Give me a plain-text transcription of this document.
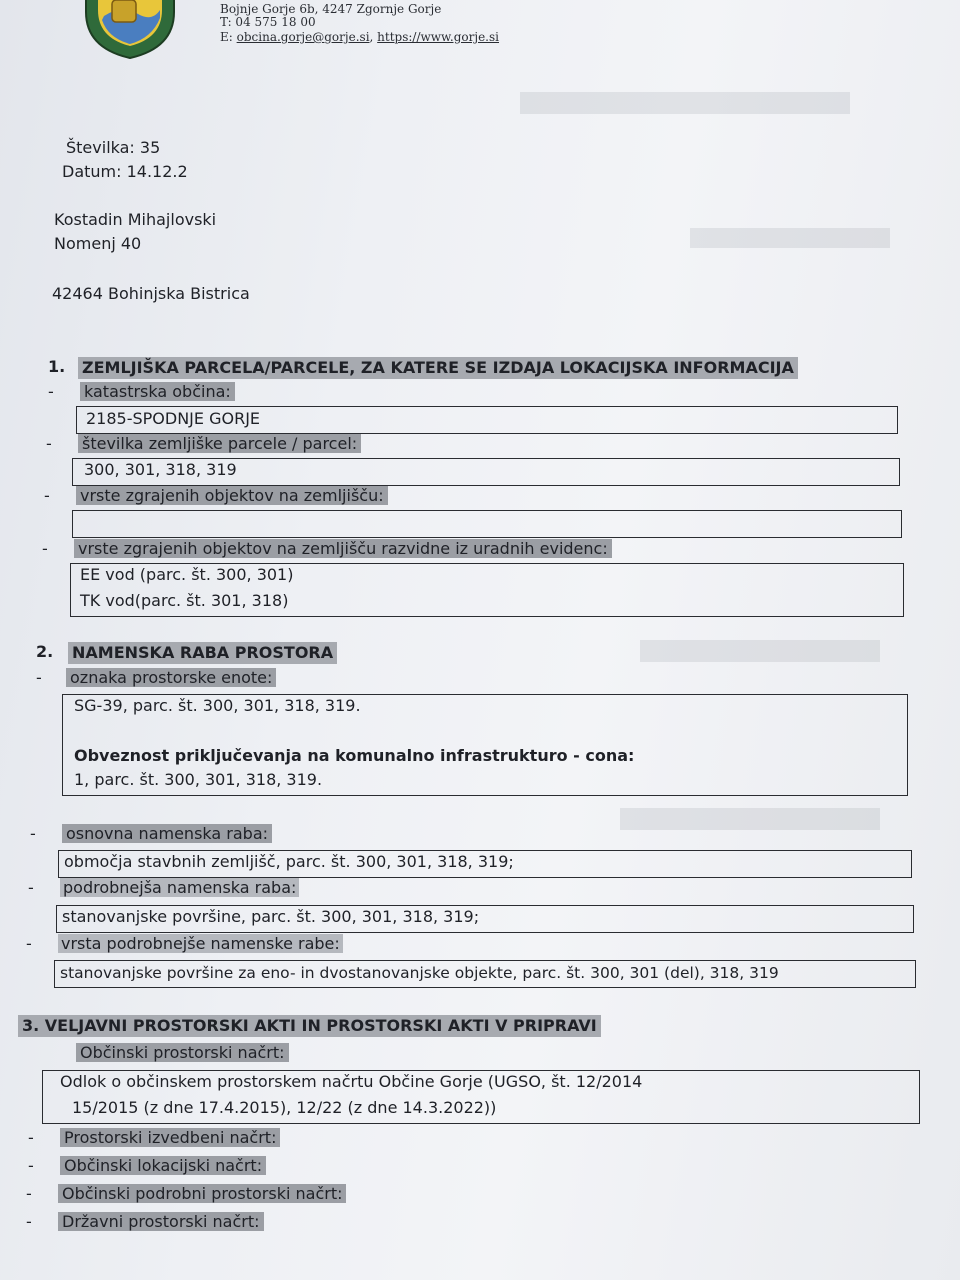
Bojnje Gorje 6b, 4247 Zgornje Gorje
T: 04 575 18 00
E: obcina.gorje@gorje.si, https://www.gorje.si
Številka: 35
Datum: 14.12.2
Kostadin Mihajlovski
Nomenj 40
42464 Bohinjska Bistrica
1. ZEMLJIŠKA PARCELA/PARCELE, ZA KATERE SE IZDAJA LOKACIJSKA INFORMACIJA
- katastrska občina:
2185-SPODNJE GORJE
- številka zemljiške parcele / parcel:
300, 301, 318, 319
- vrste zgrajenih objektov na zemljišču:
- vrste zgrajenih objektov na zemljišču razvidne iz uradnih evidenc:
EE vod (parc. št. 300, 301)
TK vod(parc. št. 301, 318)
2. NAMENSKA RABA PROSTORA
- oznaka prostorske enote:
SG-39, parc. št. 300, 301, 318, 319.
Obveznost priključevanja na komunalno infrastrukturo - cona:
1, parc. št. 300, 301, 318, 319.
- osnovna namenska raba:
območja stavbnih zemljišč, parc. št. 300, 301, 318, 319;
- podrobnejša namenska raba:
stanovanjske površine, parc. št. 300, 301, 318, 319;
- vrsta podrobnejše namenske rabe:
stanovanjske površine za eno- in dvostanovanjske objekte, parc. št. 300, 301 (del), 318, 319
3. VELJAVNI PROSTORSKI AKTI IN PROSTORSKI AKTI V PRIPRAVI
Občinski prostorski načrt:
Odlok o občinskem prostorskem načrtu Občine Gorje (UGSO, št. 12/2014
15/2015 (z dne 17.4.2015), 12/22 (z dne 14.3.2022))
- Prostorski izvedbeni načrt:
- Občinski lokacijski načrt:
- Občinski podrobni prostorski načrt:
- Državni prostorski načrt:
